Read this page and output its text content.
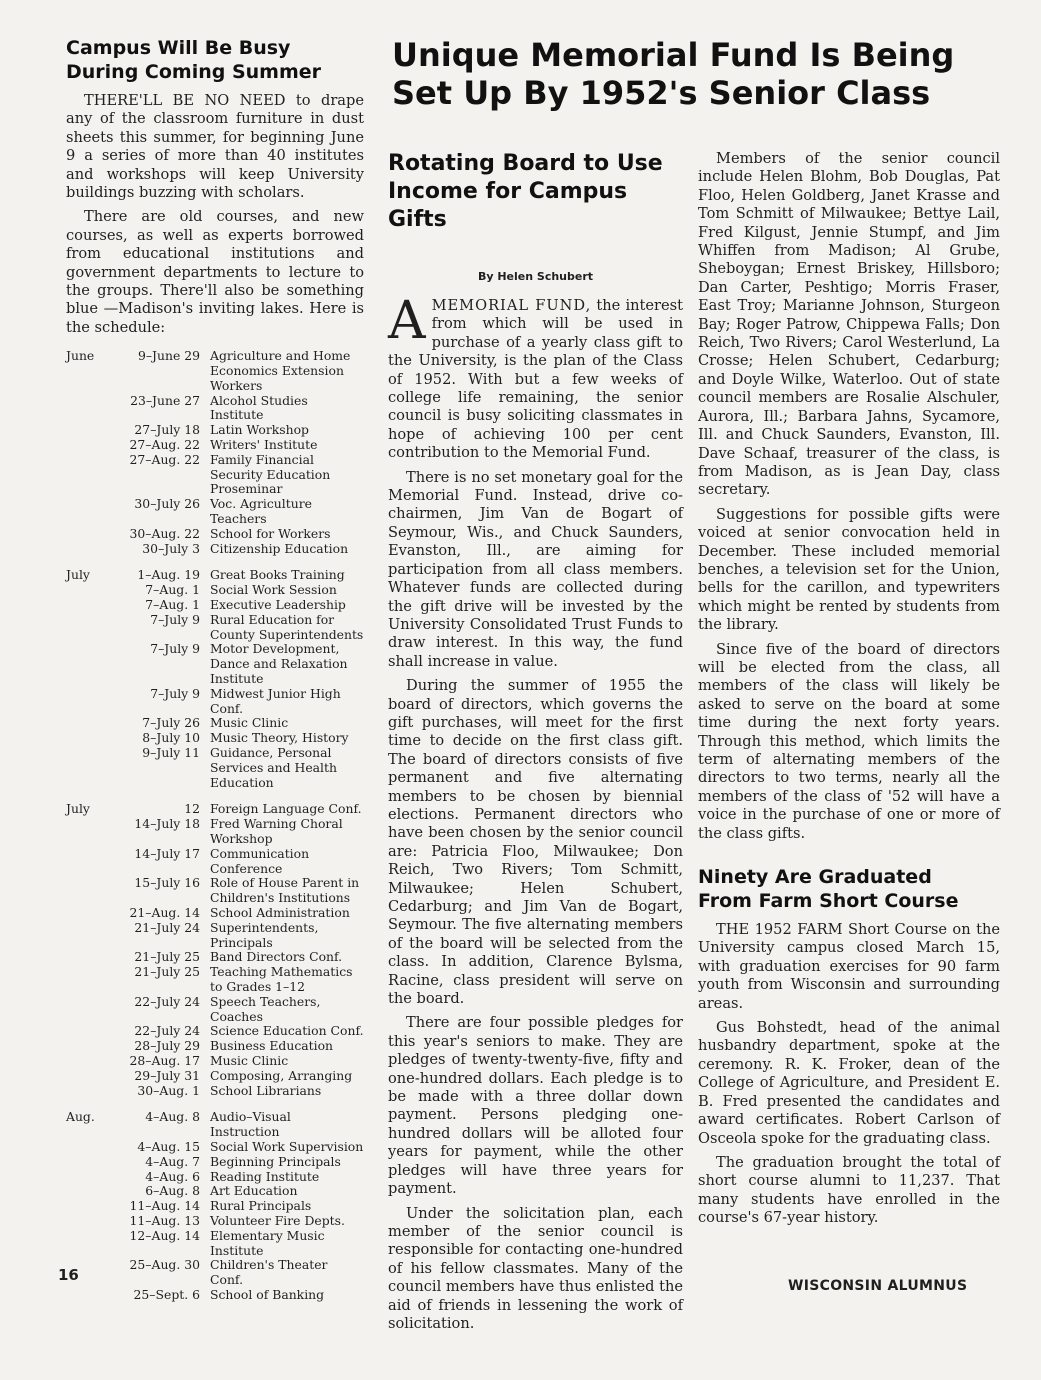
Campus Will Be Busy
During Coming Summer

THERE'LL BE NO NEED to drape any of the classroom furniture in dust sheets this summer, for beginning June 9 a series of more than 40 institutes and workshops will keep University buildings buzzing with scholars.

There are old courses, and new courses, as well as experts borrowed from educational institutions and government departments to lecture to the groups. There'll also be something blue —Madison's inviting lakes. Here is the schedule:

June	9–June 29 Agriculture and Home Economics Extension Workers
23–June 27 Alcohol Studies Institute
27–July 18 Latin Workshop
27–Aug. 22 Writers' Institute
27–Aug. 22 Family Financial Security Education Proseminar
30–July 26 Voc. Agriculture Teachers
30–Aug. 22 School for Workers
30–July 3 Citizenship Education
July	1–Aug. 19 Great Books Training
7–Aug. 1 Social Work Session
7–Aug. 1 Executive Leadership
7–July 9 Rural Education for County Superintendents
7–July 9 Motor Development, Dance and Relaxation Institute
7–July 9 Midwest Junior High Conf.
7–July 26 Music Clinic
8–July 10 Music Theory, History
9–July 11 Guidance, Personal Services and Health Education
July	12 Foreign Language Conf.
14–July 18 Fred Warning Choral Workshop
14–July 17 Communication Conference
15–July 16 Role of House Parent in Children's Institutions
21–Aug. 14 School Administration
21–July 24 Superintendents, Principals
21–July 25 Band Directors Conf.
21–July 25 Teaching Mathematics to Grades 1–12
22–July 24 Speech Teachers, Coaches
22–July 24 Science Education Conf.
28–July 29 Business Education
28–Aug. 17 Music Clinic
29–July 31 Composing, Arranging
30–Aug. 1 School Librarians
Aug.	4–Aug. 8 Audio–Visual Instruction
4–Aug. 15 Social Work Supervision
4–Aug. 7 Beginning Principals
4–Aug. 6 Reading Institute
6–Aug. 8 Art Education
11–Aug. 14 Rural Principals
11–Aug. 13 Volunteer Fire Depts.
12–Aug. 14 Elementary Music Institute
25–Aug. 30 Children's Theater Conf.
25–Sept. 6 School of Banking
Unique Memorial Fund Is Being
Set Up By 1952's Senior Class
Rotating Board to Use
Income for Campus Gifts
By Helen Schubert

AMEMORIAL FUND, the interest from which will be used in purchase of a yearly class gift to the University, is the plan of the Class of 1952. With but a few weeks of college life remaining, the senior council is busy soliciting classmates in hope of achieving 100 per cent contribution to the Memorial Fund.

There is no set monetary goal for the Memorial Fund. Instead, drive co-chairmen, Jim Van de Bogart of Seymour, Wis., and Chuck Saunders, Evanston, Ill., are aiming for participation from all class members. Whatever funds are collected during the gift drive will be invested by the University Consolidated Trust Funds to draw interest. In this way, the fund shall increase in value.

During the summer of 1955 the board of directors, which governs the gift purchases, will meet for the first time to decide on the first class gift. The board of directors consists of five permanent and five alternating members to be chosen by biennial elections. Permanent directors who have been chosen by the senior council are: Patricia Floo, Milwaukee; Don Reich, Two Rivers; Tom Schmitt, Milwaukee; Helen Schubert, Cedarburg; and Jim Van de Bogart, Seymour. The five alternating members of the board will be selected from the class. In addition, Clarence Bylsma, Racine, class president will serve on the board.

There are four possible pledges for this year's seniors to make. They are pledges of twenty-twenty-five, fifty and one-hundred dollars. Each pledge is to be made with a three dollar down payment. Persons pledging one-hundred dollars will be alloted four years for payment, while the other pledges will have three years for payment.

Under the solicitation plan, each member of the senior council is responsible for contacting one-hundred of his fellow classmates. Many of the council members have thus enlisted the aid of friends in lessening the work of solicitation.

Members of the senior council include Helen Blohm, Bob Douglas, Pat Floo, Helen Goldberg, Janet Krasse and Tom Schmitt of Milwaukee; Bettye Lail, Fred Kilgust, Jennie Stumpf, and Jim Whiffen from Madison; Al Grube, Sheboygan; Ernest Briskey, Hillsboro; Dan Carter, Peshtigo; Morris Fraser, East Troy; Marianne Johnson, Sturgeon Bay; Roger Patrow, Chippewa Falls; Don Reich, Two Rivers; Carol Westerlund, La Crosse; Helen Schubert, Cedarburg; and Doyle Wilke, Waterloo. Out of state council members are Rosalie Alschuler, Aurora, Ill.; Barbara Jahns, Sycamore, Ill. and Chuck Saunders, Evanston, Ill. Dave Schaaf, treasurer of the class, is from Madison, as is Jean Day, class secretary.

Suggestions for possible gifts were voiced at senior convocation held in December. These included memorial benches, a television set for the Union, bells for the carillon, and typewriters which might be rented by students from the library.

Since five of the board of directors will be elected from the class, all members of the class will likely be asked to serve on the board at some time during the next forty years. Through this method, which limits the term of alternating members of the directors to two terms, nearly all the members of the class of '52 will have a voice in the purchase of one or more of the class gifts.

Ninety Are Graduated
From Farm Short Course

THE 1952 FARM Short Course on the University campus closed March 15, with graduation exercises for 90 farm youth from Wisconsin and surrounding areas.

Gus Bohstedt, head of the animal husbandry department, spoke at the ceremony. R. K. Froker, dean of the College of Agriculture, and President E. B. Fred presented the candidates and award certificates. Robert Carlson of Osceola spoke for the graduating class.

The graduation brought the total of short course alumni to 11,237. That many students have enrolled in the course's 67-year history.

16
WISCONSIN ALUMNUS
